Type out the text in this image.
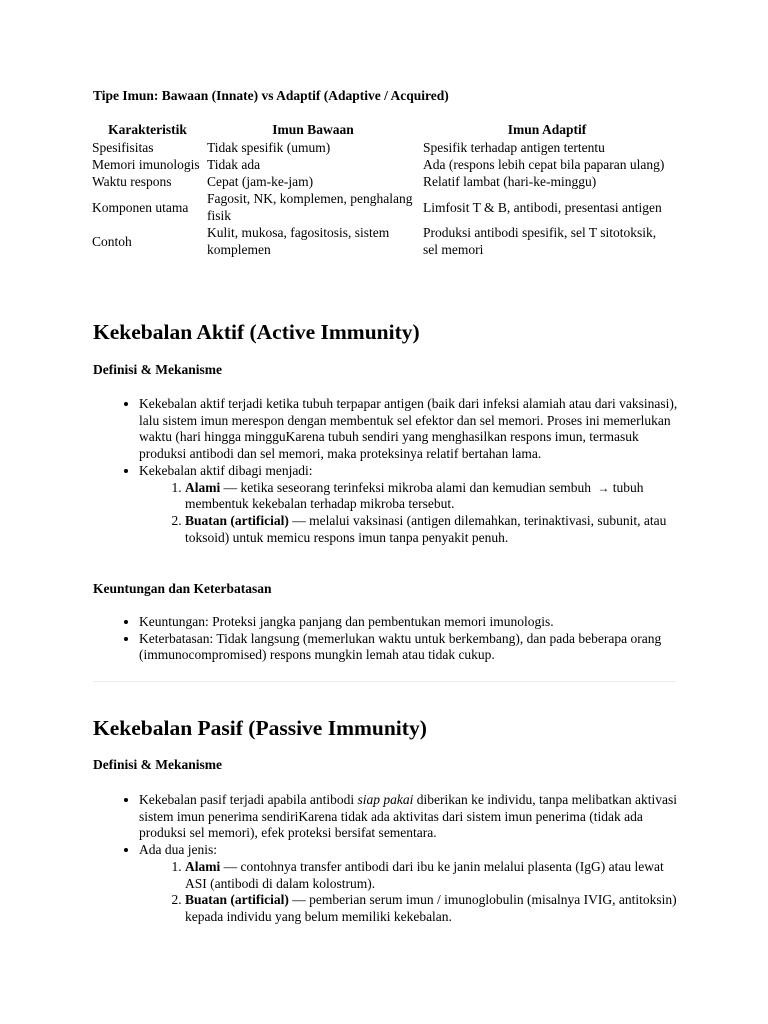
Tipe Imun: Bawaan (Innate) vs Adaptif (Adaptive / Acquired)
Karakteristik	Imun Bawaan	Imun Adaptif
Spesifisitas	Tidak spesifik (umum)	Spesifik terhadap antigen tertentu
Memori imunologis	Tidak ada	Ada (respons lebih cepat bila paparan ulang)
Waktu respons	Cepat (jam-ke-jam)	Relatif lambat (hari-ke-minggu)
Komponen utama	Fagosit, NK, komplemen, penghalang fisik	Limfosit T & B, antibodi, presentasi antigen
Contoh	Kulit, mukosa, fagositosis, sistem komplemen	Produksi antibodi spesifik, sel T sitotoksik, sel memori
Kekebalan Aktif (Active Immunity)
Definisi & Mekanisme
• Kekebalan aktif terjadi ketika tubuh terpapar antigen (baik dari infeksi alamiah atau dari vaksinasi), lalu sistem imun merespon dengan membentuk sel efektor dan sel memori. Proses ini memerlukan waktu (hari hingga mingguKarena tubuh sendiri yang menghasilkan respons imun, termasuk produksi antibodi dan sel memori, maka proteksinya relatif bertahan lama.
• Kekebalan aktif dibagi menjadi:
1. Alami — ketika seseorang terinfeksi mikroba alami dan kemudian sembuh → tubuh membentuk kekebalan terhadap mikroba tersebut.
2. Buatan (artificial) — melalui vaksinasi (antigen dilemahkan, terinaktivasi, subunit, atau toksoid) untuk memicu respons imun tanpa penyakit penuh.
Keuntungan dan Keterbatasan
• Keuntungan: Proteksi jangka panjang dan pembentukan memori imunologis.
• Keterbatasan: Tidak langsung (memerlukan waktu untuk berkembang), dan pada beberapa orang (immunocompromised) respons mungkin lemah atau tidak cukup.
Kekebalan Pasif (Passive Immunity)
Definisi & Mekanisme
• Kekebalan pasif terjadi apabila antibodi siap pakai diberikan ke individu, tanpa melibatkan aktivasi sistem imun penerima sendiriKarena tidak ada aktivitas dari sistem imun penerima (tidak ada produksi sel memori), efek proteksi bersifat sementara.
• Ada dua jenis:
1. Alami — contohnya transfer antibodi dari ibu ke janin melalui plasenta (IgG) atau lewat ASI (antibodi di dalam kolostrum).
2. Buatan (artificial) — pemberian serum imun / imunoglobulin (misalnya IVIG, antitoksin) kepada individu yang belum memiliki kekebalan.
